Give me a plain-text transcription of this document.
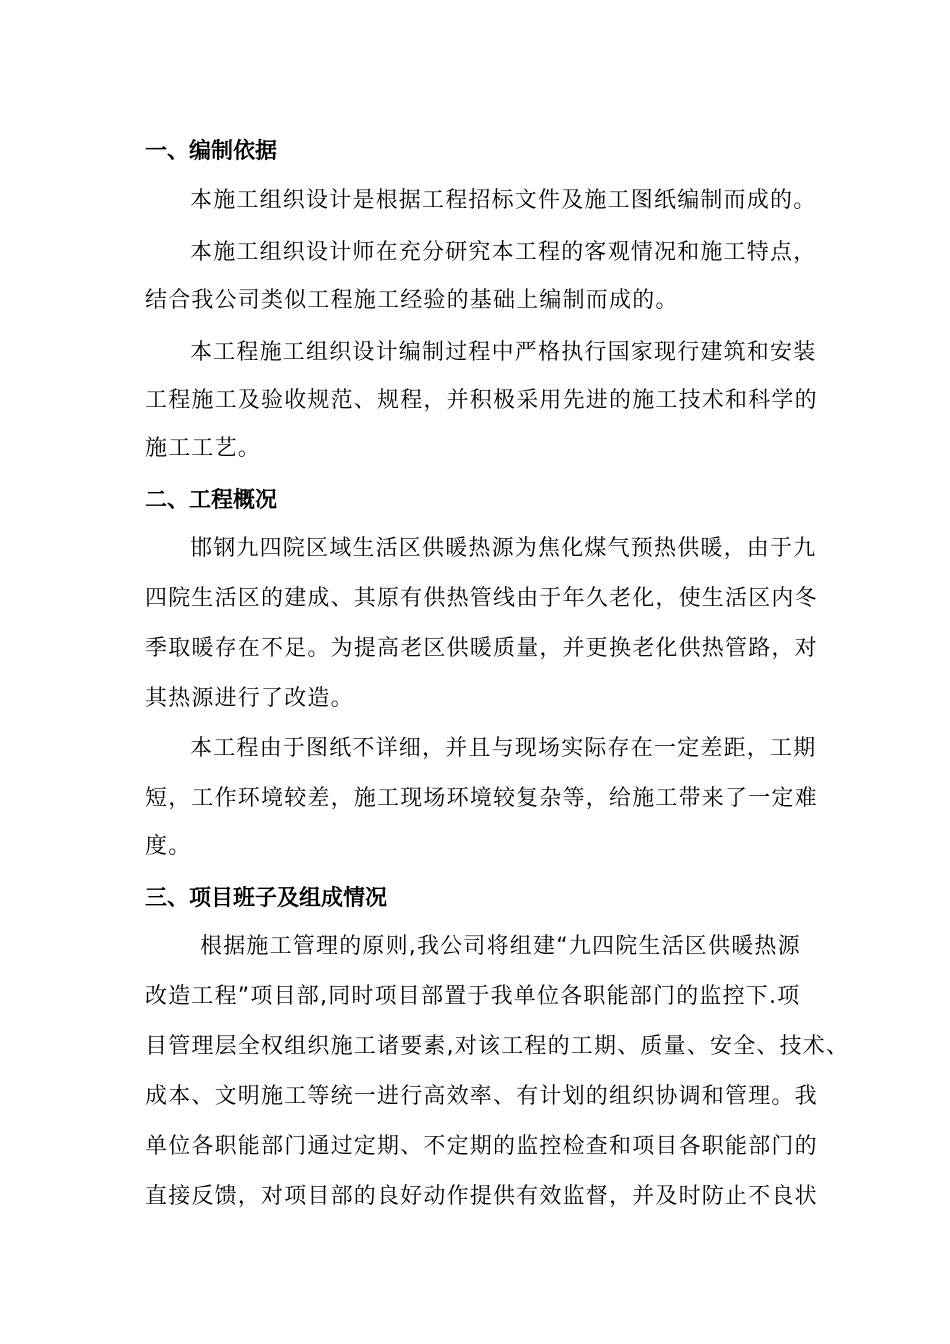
一、编制依据
本施工组织设计是根据工程招标文件及施工图纸编制而成的。
本施工组织设计师在充分研究本工程的客观情况和施工特点，
结合我公司类似工程施工经验的基础上编制而成的。
本工程施工组织设计编制过程中严格执行国家现行建筑和安装
工程施工及验收规范、规程，并积极采用先进的施工技术和科学的
施工工艺。
二、工程概况
邯钢九四院区域生活区供暖热源为焦化煤气预热供暖，由于九
四院生活区的建成、其原有供热管线由于年久老化，使生活区内冬
季取暖存在不足。为提高老区供暖质量，并更换老化供热管路，对
其热源进行了改造。
本工程由于图纸不详细，并且与现场实际存在一定差距，工期
短，工作环境较差，施工现场环境较复杂等，给施工带来了一定难
度。
三、项目班子及组成情况
根据施工管理的原则,我公司将组建“九四院生活区供暖热源
改造工程”项目部,同时项目部置于我单位各职能部门的监控下.项
目管理层全权组织施工诸要素,对该工程的工期、质量、安全、技术、
成本、文明施工等统一进行高效率、有计划的组织协调和管理。我
单位各职能部门通过定期、不定期的监控检查和项目各职能部门的
直接反馈，对项目部的良好动作提供有效监督，并及时防止不良状
